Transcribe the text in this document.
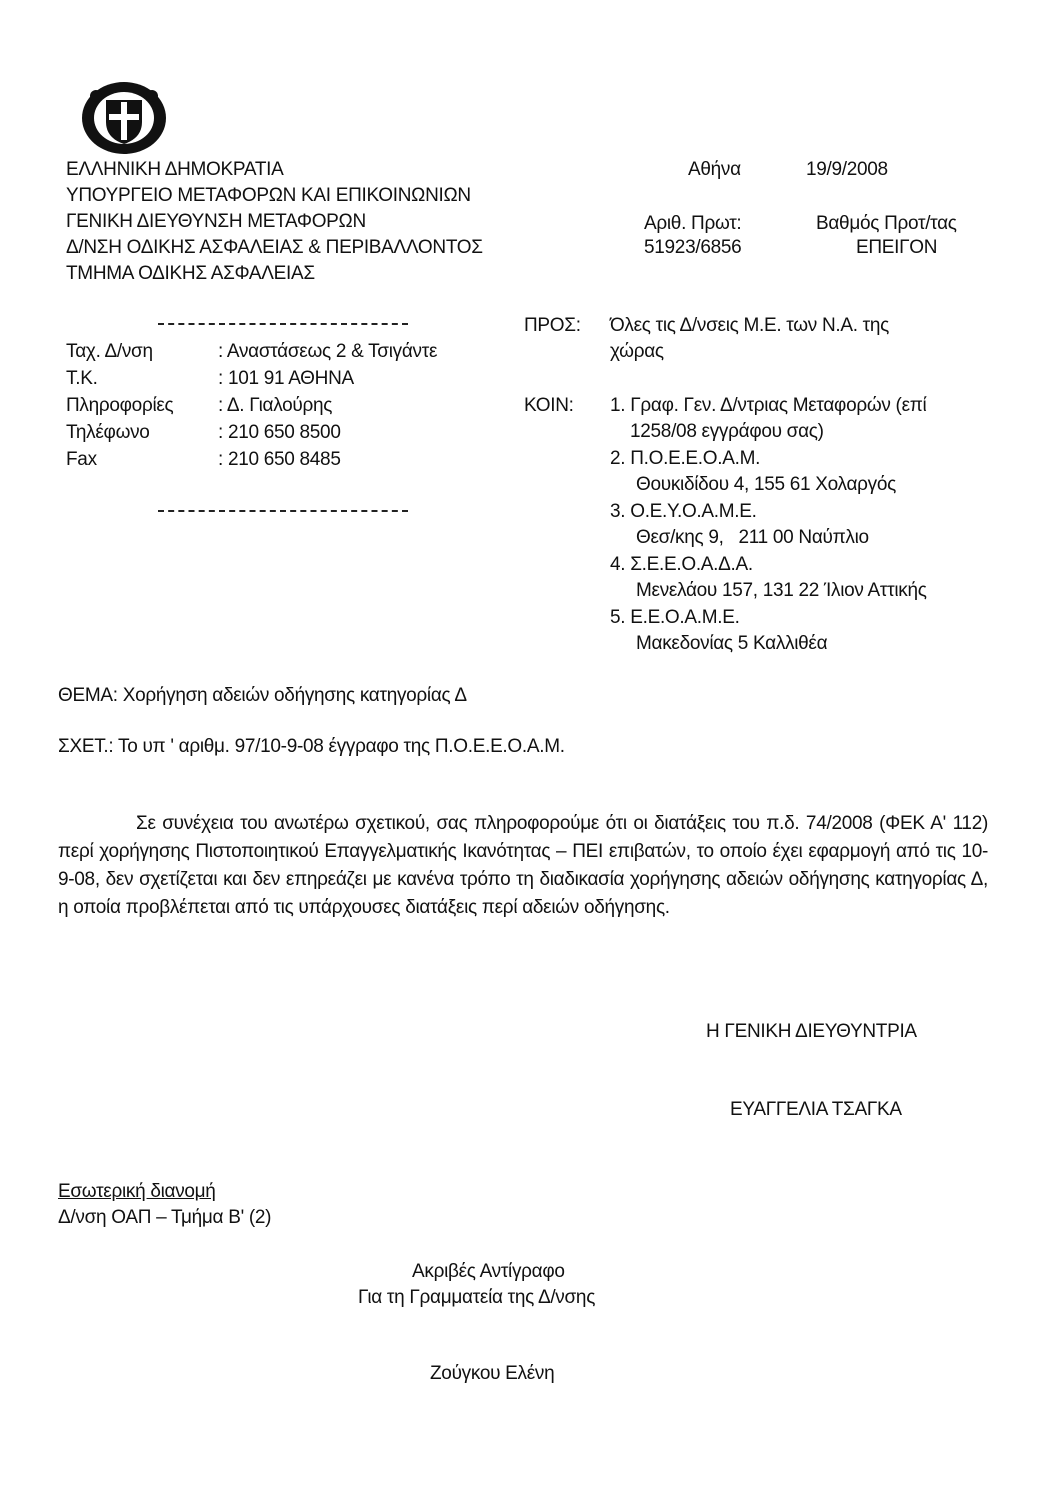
ΕΛΛΗΝΙΚΗ ΔΗΜΟΚΡΑΤΙΑ
ΥΠΟΥΡΓΕΙΟ ΜΕΤΑΦΟΡΩΝ ΚΑΙ ΕΠΙΚΟΙΝΩΝΙΩΝ
ΓΕΝΙΚΗ ΔΙΕΥΘΥΝΣΗ ΜΕΤΑΦΟΡΩΝ
Δ/ΝΣΗ ΟΔΙΚΗΣ ΑΣΦΑΛΕΙΑΣ & ΠΕΡΙΒΑΛΛΟΝΤΟΣ
ΤΜΗΜΑ ΟΔΙΚΗΣ ΑΣΦΑΛΕΙΑΣ
Αθήνα	19/9/2008
Αριθ. Πρωτ:
51923/6856
Βαθμός Προτ/τας
ΕΠΕΙΓΟΝ
Ταχ. Δ/νση	: Αναστάσεως 2 & Τσιγάντε
Τ.Κ.	: 101 91 ΑΘΗΝΑ
Πληροφορίες : Δ. Γιαλούρης
Τηλέφωνο	: 210 650 8500
Fax	: 210 650 8485
ΠΡΟΣ: Όλες τις Δ/νσεις Μ.Ε. των Ν.Α. της
χώρας
ΚΟΙΝ: 1. Γραφ. Γεν. Δ/ντριας Μεταφορών (επί
1258/08 εγγράφου σας)
2. Π.Ο.Ε.Ε.Ο.Α.Μ.
Θουκιδίδου 4, 155 61 Χολαργός
3. Ο.Ε.Υ.Ο.Α.Μ.Ε.
Θεσ/κης 9,   211 00 Ναύπλιο
4. Σ.Ε.Ε.Ο.Α.Δ.Α.
Μενελάου 157, 131 22 Ίλιον Αττικής
5. Ε.Ε.Ο.Α.Μ.Ε.
Μακεδονίας 5 Καλλιθέα
ΘΕΜΑ: Χορήγηση αδειών οδήγησης κατηγορίας Δ
ΣΧΕΤ.: Το υπ ' αριθμ. 97/10-9-08 έγγραφο της Π.Ο.Ε.Ε.Ο.Α.Μ.
Σε συνέχεια του ανωτέρω σχετικού, σας πληροφορούμε ότι οι διατάξεις του π.δ. 74/2008 (ΦΕΚ Α' 112) περί χορήγησης Πιστοποιητικού Επαγγελματικής Ικανότητας – ΠΕΙ επιβατών, το οποίο έχει εφαρμογή από τις 10-9-08, δεν σχετίζεται και δεν επηρεάζει με κανένα τρόπο τη διαδικασία χορήγησης αδειών οδήγησης κατηγορίας Δ, η οποία προβλέπεται από τις υπάρχουσες διατάξεις περί αδειών οδήγησης.
Η ΓΕΝΙΚΗ ΔΙΕΥΘΥΝΤΡΙΑ
ΕΥΑΓΓΕΛΙΑ ΤΣΑΓΚΑ
Εσωτερική διανομή
Δ/νση ΟΑΠ – Τμήμα Β' (2)
Ακριβές Αντίγραφο
Για τη Γραμματεία της Δ/νσης
Ζούγκου Ελένη
